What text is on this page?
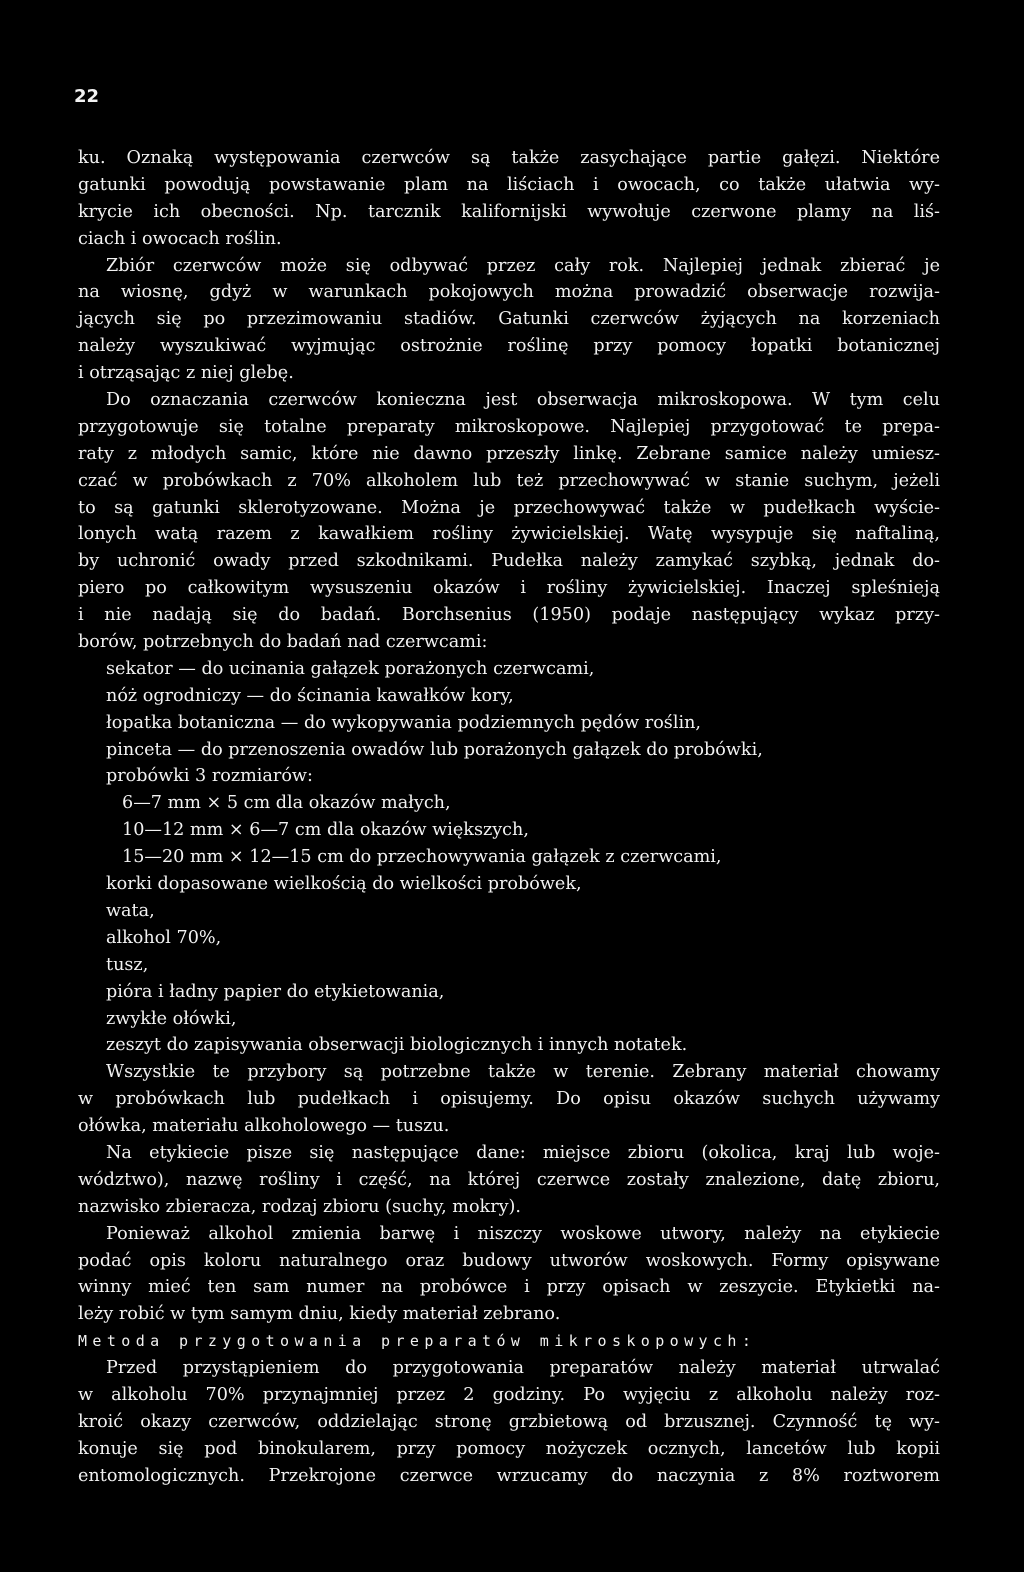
22
ku. Oznaką występowania czerwców są także zasychające partie gałęzi. Niektóre
gatunki powodują powstawanie plam na liściach i owocach, co także ułatwia wy-
krycie ich obecności. Np. tarcznik kalifornijski wywołuje czerwone plamy na liś-
ciach i owocach roślin.
Zbiór czerwców może się odbywać przez cały rok. Najlepiej jednak zbierać je
na wiosnę, gdyż w warunkach pokojowych można prowadzić obserwacje rozwija-
jących się po przezimowaniu stadiów. Gatunki czerwców żyjących na korzeniach
należy wyszukiwać wyjmując ostrożnie roślinę przy pomocy łopatki botanicznej
i otrząsając z niej glebę.
Do oznaczania czerwców konieczna jest obserwacja mikroskopowa. W tym celu
przygotowuje się totalne preparaty mikroskopowe. Najlepiej przygotować te prepa-
raty z młodych samic, które nie dawno przeszły linkę. Zebrane samice należy umiesz-
czać w probówkach z 70% alkoholem lub też przechowywać w stanie suchym, jeżeli
to są gatunki sklerotyzowane. Można je przechowywać także w pudełkach wyście-
lonych watą razem z kawałkiem rośliny żywicielskiej. Watę wysypuje się naftaliną,
by uchronić owady przed szkodnikami. Pudełka należy zamykać szybką, jednak do-
piero po całkowitym wysuszeniu okazów i rośliny żywicielskiej. Inaczej spleśnieją
i nie nadają się do badań. Borchsenius (1950) podaje następujący wykaz przy-
borów, potrzebnych do badań nad czerwcami:
sekator — do ucinania gałązek porażonych czerwcami,
nóż ogrodniczy — do ścinania kawałków kory,
łopatka botaniczna — do wykopywania podziemnych pędów roślin,
pinceta — do przenoszenia owadów lub porażonych gałązek do probówki,
probówki 3 rozmiarów:
6—7 mm × 5 cm dla okazów małych,
10—12 mm × 6—7 cm dla okazów większych,
15—20 mm × 12—15 cm do przechowywania gałązek z czerwcami,
korki dopasowane wielkością do wielkości probówek,
wata,
alkohol 70%,
tusz,
pióra i ładny papier do etykietowania,
zwykłe ołówki,
zeszyt do zapisywania obserwacji biologicznych i innych notatek.
Wszystkie te przybory są potrzebne także w terenie. Zebrany materiał chowamy
w probówkach lub pudełkach i opisujemy. Do opisu okazów suchych używamy
ołówka, materiału alkoholowego — tuszu.
Na etykiecie pisze się następujące dane: miejsce zbioru (okolica, kraj lub woje-
wództwo), nazwę rośliny i część, na której czerwce zostały znalezione, datę zbioru,
nazwisko zbieracza, rodzaj zbioru (suchy, mokry).
Ponieważ alkohol zmienia barwę i niszczy woskowe utwory, należy na etykiecie
podać opis koloru naturalnego oraz budowy utworów woskowych. Formy opisywane
winny mieć ten sam numer na probówce i przy opisach w zeszycie. Etykietki na-
leży robić w tym samym dniu, kiedy materiał zebrano.
Metoda przygotowania preparatów mikroskopowych:
Przed przystąpieniem do przygotowania preparatów należy materiał utrwalać
w alkoholu 70% przynajmniej przez 2 godziny. Po wyjęciu z alkoholu należy roz-
kroić okazy czerwców, oddzielając stronę grzbietową od brzusznej. Czynność tę wy-
konuje się pod binokularem, przy pomocy nożyczek ocznych, lancetów lub kopii
entomologicznych. Przekrojone czerwce wrzucamy do naczynia z 8% roztworem
